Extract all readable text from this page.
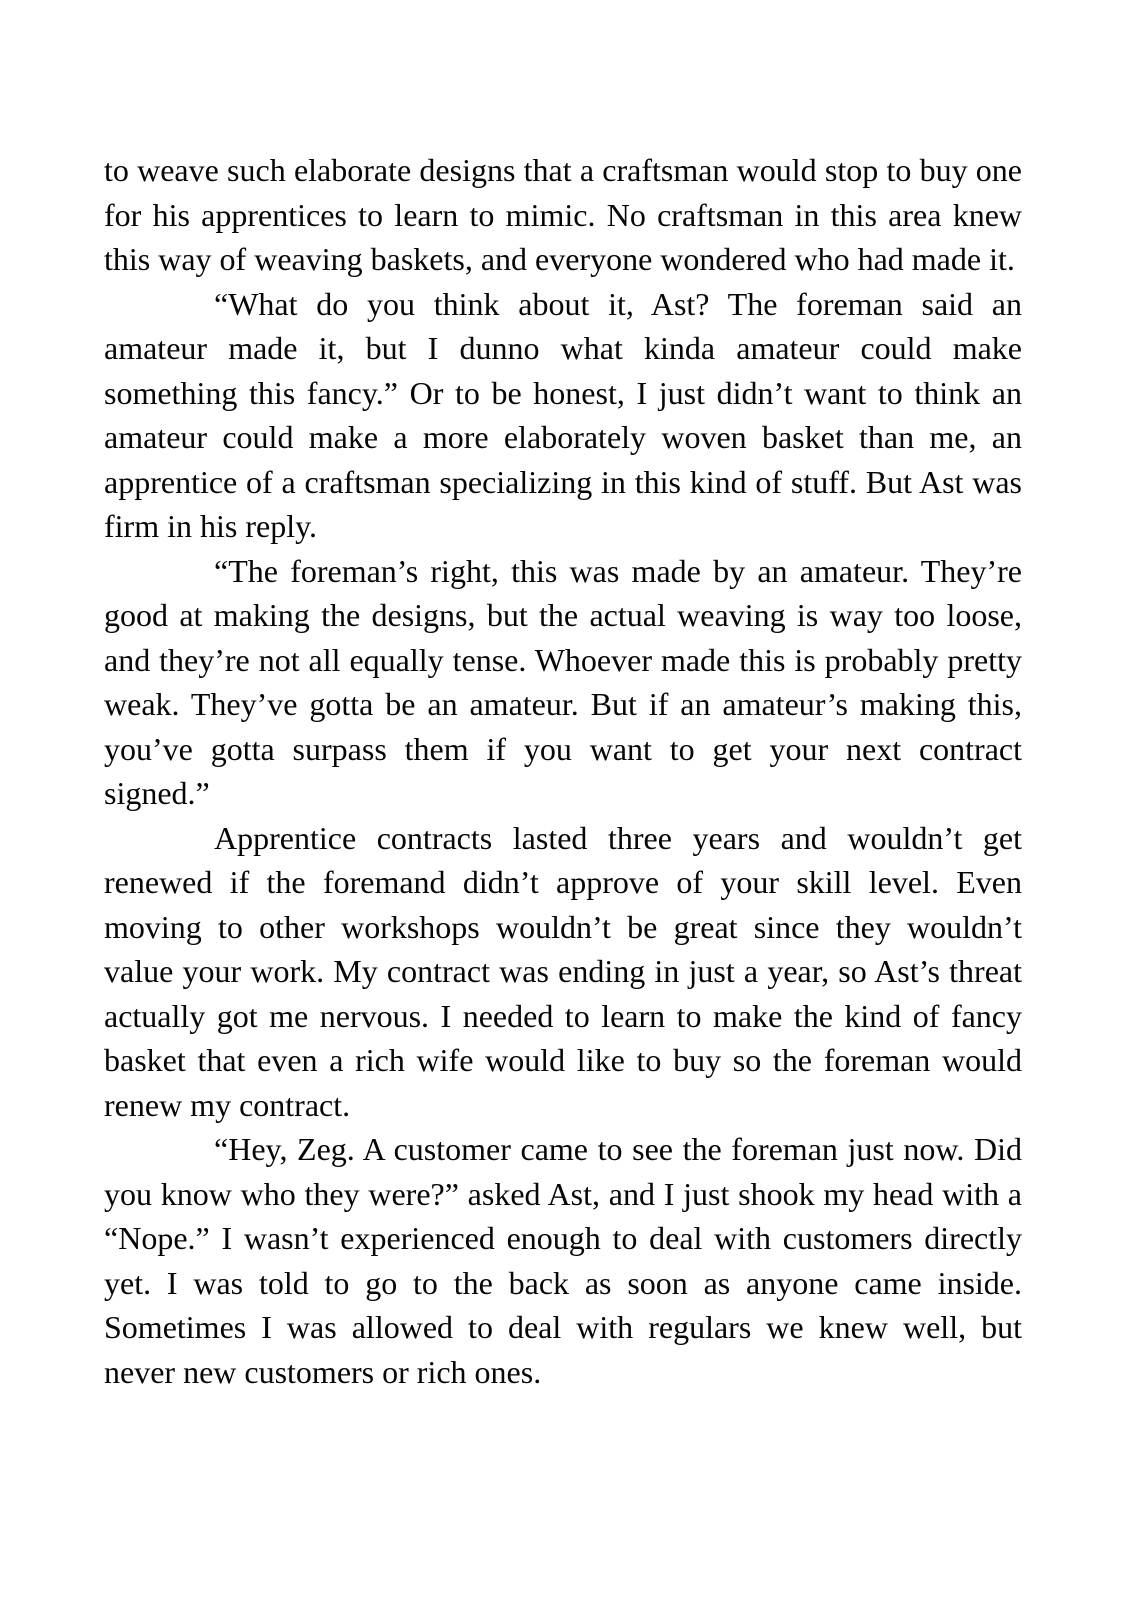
to weave such elaborate designs that a craftsman would stop to buy one for his apprentices to learn to mimic. No craftsman in this area knew this way of weaving baskets, and everyone wondered who had made it.

“What do you think about it, Ast? The foreman said an amateur made it, but I dunno what kinda amateur could make something this fancy.” Or to be honest, I just didn’t want to think an amateur could make a more elaborately woven basket than me, an apprentice of a craftsman specializing in this kind of stuff. But Ast was firm in his reply.

“The foreman’s right, this was made by an amateur. They’re good at making the designs, but the actual weaving is way too loose, and they’re not all equally tense. Whoever made this is probably pretty weak. They’ve gotta be an amateur. But if an amateur’s making this, you’ve gotta surpass them if you want to get your next contract signed.”

Apprentice contracts lasted three years and wouldn’t get renewed if the foremand didn’t approve of your skill level. Even moving to other workshops wouldn’t be great since they wouldn’t value your work. My contract was ending in just a year, so Ast’s threat actually got me nervous. I needed to learn to make the kind of fancy basket that even a rich wife would like to buy so the foreman would renew my contract.

“Hey, Zeg. A customer came to see the foreman just now. Did you know who they were?” asked Ast, and I just shook my head with a “Nope.” I wasn’t experienced enough to deal with customers directly yet. I was told to go to the back as soon as anyone came inside. Sometimes I was allowed to deal with regulars we knew well, but never new customers or rich ones.
